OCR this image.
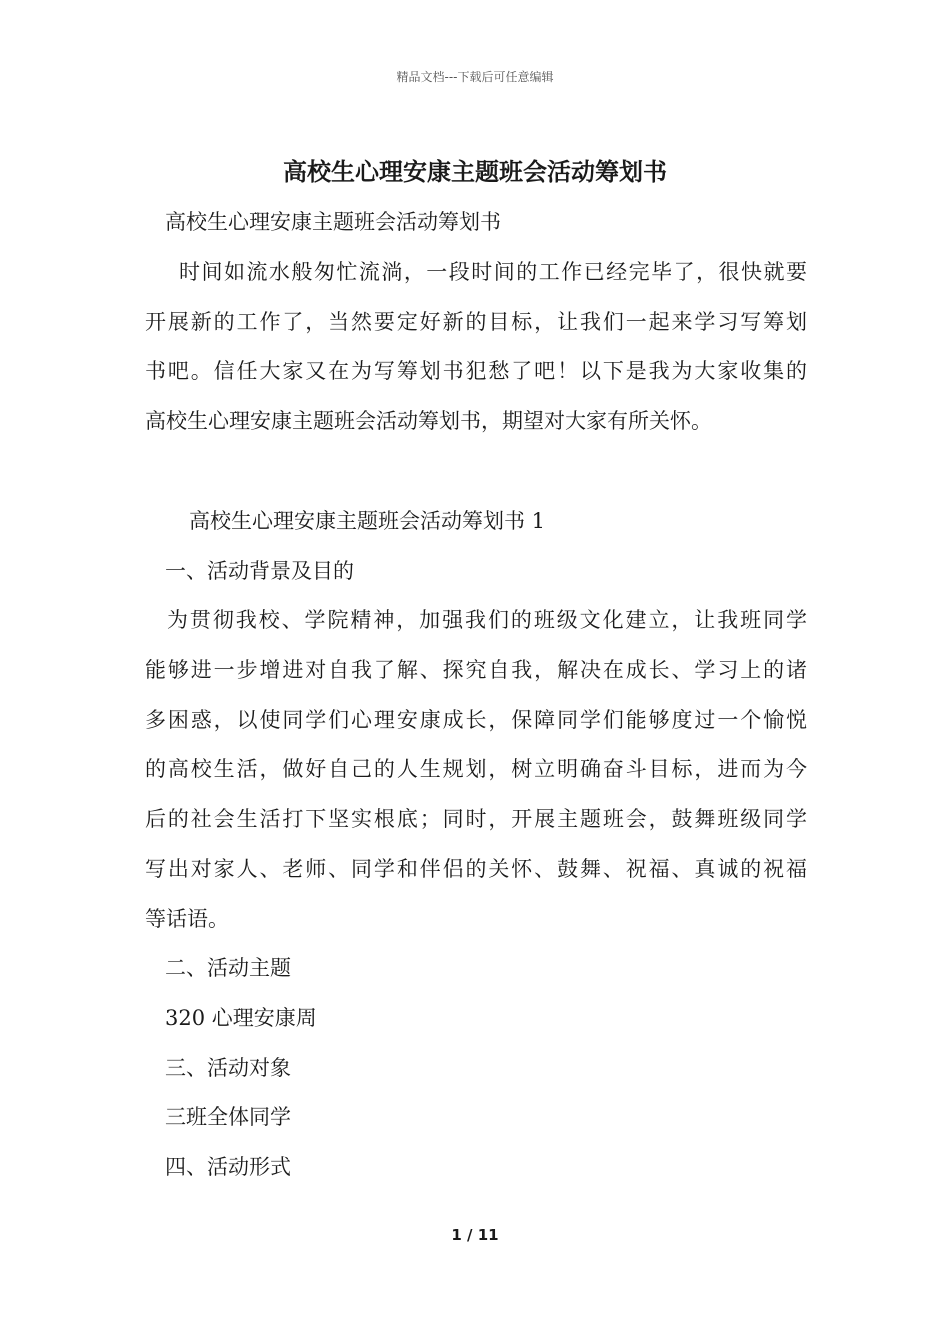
精品文档---下载后可任意编辑
高校生心理安康主题班会活动筹划书
高校生心理安康主题班会活动筹划书
时间如流水般匆忙流淌，一段时间的工作已经完毕了，很快就要
开展新的工作了，当然要定好新的目标，让我们一起来学习写筹划
书吧。信任大家又在为写筹划书犯愁了吧！以下是我为大家收集的
高校生心理安康主题班会活动筹划书，期望对大家有所关怀。
高校生心理安康主题班会活动筹划书 1
一、活动背景及目的
为贯彻我校、学院精神，加强我们的班级文化建立，让我班同学
能够进一步增进对自我了解、探究自我，解决在成长、学习上的诸
多困惑，以使同学们心理安康成长，保障同学们能够度过一个愉悦
的高校生活，做好自己的人生规划，树立明确奋斗目标，进而为今
后的社会生活打下坚实根底；同时，开展主题班会，鼓舞班级同学
写出对家人、老师、同学和伴侣的关怀、鼓舞、祝福、真诚的祝福
等话语。
二、活动主题
320 心理安康周
三、活动对象
三班全体同学
四、活动形式
1 / 11
